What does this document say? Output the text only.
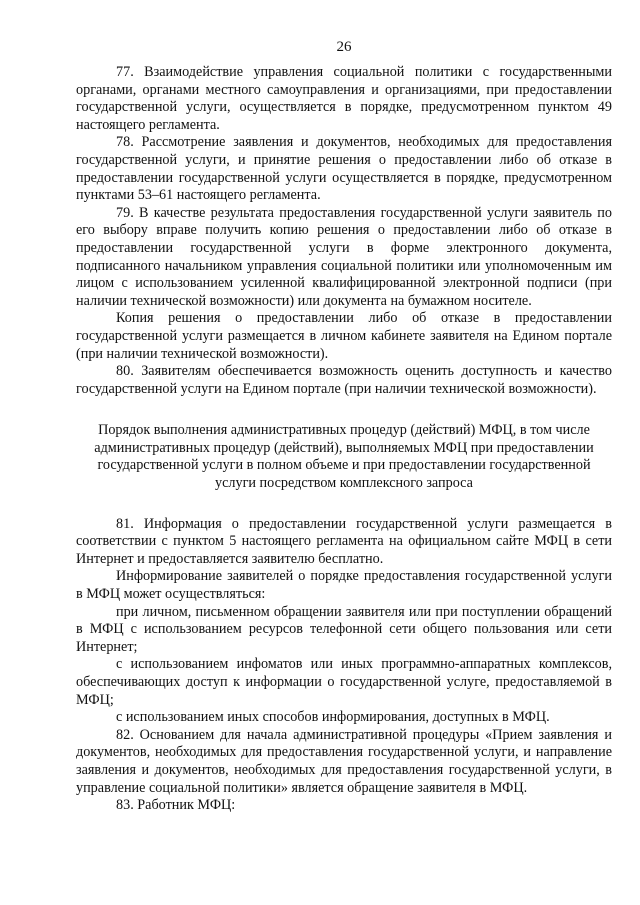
26

77. Взаимодействие управления социальной политики с государственными органами, органами местного самоуправления и организациями, при предоставлении государственной услуги, осуществляется в порядке, предусмотренном пунктом 49 настоящего регламента.

78. Рассмотрение заявления и документов, необходимых для предоставления государственной услуги, и принятие решения о предоставлении либо об отказе в предоставлении государственной услуги осуществляется в порядке, предусмотренном пунктами 53–61 настоящего регламента.

79. В качестве результата предоставления государственной услуги заявитель по его выбору вправе получить копию решения о предоставлении либо об отказе в предоставлении государственной услуги в форме электронного документа, подписанного начальником управления социальной политики или уполномоченным им лицом с использованием усиленной квалифицированной электронной подписи (при наличии технической возможности) или документа на бумажном носителе.

Копия решения о предоставлении либо об отказе в предоставлении государственной услуги размещается в личном кабинете заявителя на Едином портале (при наличии технической возможности).

80. Заявителям обеспечивается возможность оценить доступность и качество государственной услуги на Едином портале (при наличии технической возможности).

Порядок выполнения административных процедур (действий) МФЦ, в том числе административных процедур (действий), выполняемых МФЦ при предоставлении государственной услуги в полном объеме и при предоставлении государственной услуги посредством комплексного запроса

81. Информация о предоставлении государственной услуги размещается в соответствии с пунктом 5 настоящего регламента на официальном сайте МФЦ в сети Интернет и предоставляется заявителю бесплатно.

Информирование заявителей о порядке предоставления государственной услуги в МФЦ может осуществляться:

при личном, письменном обращении заявителя или при поступлении обращений в МФЦ с использованием ресурсов телефонной сети общего пользования или сети Интернет;

с использованием инфоматов или иных программно-аппаратных комплексов, обеспечивающих доступ к информации о государственной услуге, предоставляемой в МФЦ;

с использованием иных способов информирования, доступных в МФЦ.

82. Основанием для начала административной процедуры «Прием заявления и документов, необходимых для предоставления государственной услуги, и направление заявления и документов, необходимых для предоставления государственной услуги, в управление социальной политики» является обращение заявителя в МФЦ.

83. Работник МФЦ:
